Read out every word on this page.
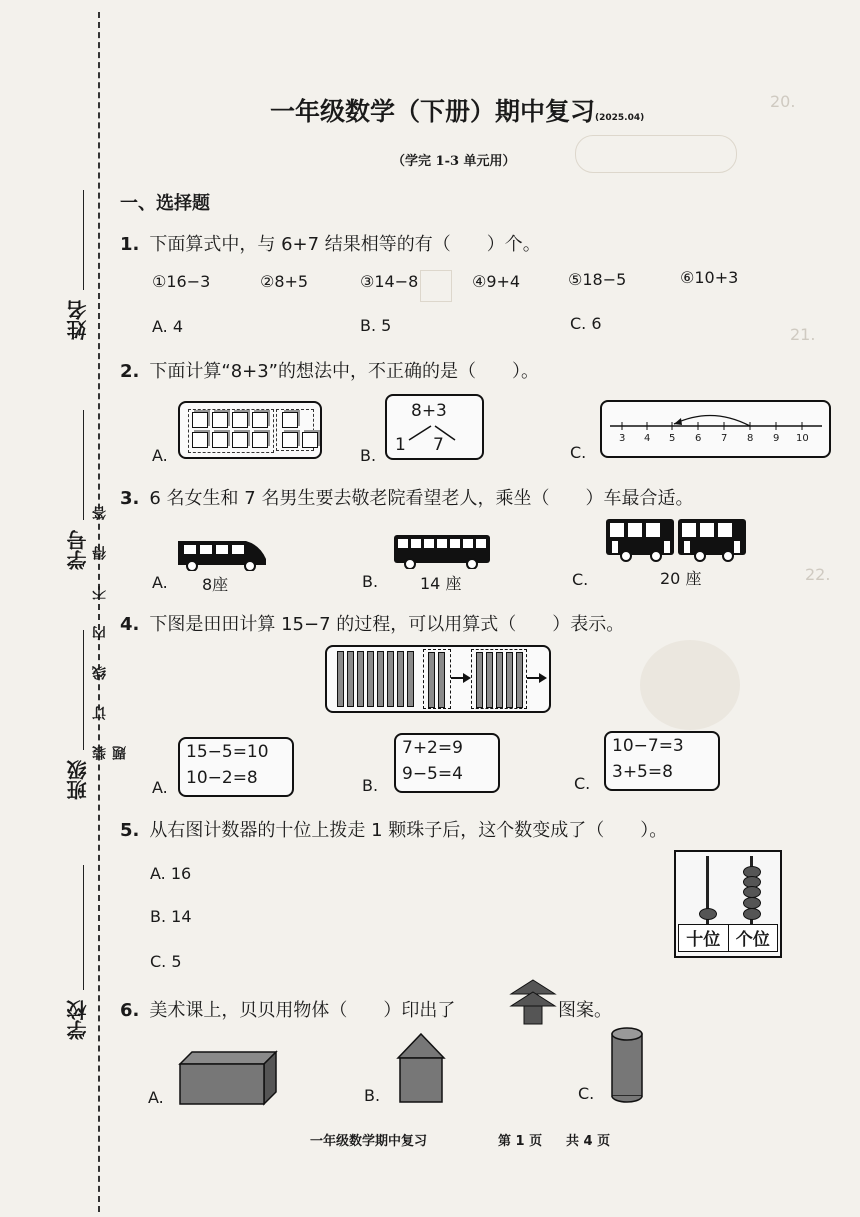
20.
21.
22.
姓名
学号
班级
学校
装订线内不得答题
一年级数学（下册）期中复习(2025.04)
（学完 1-3 单元用）
一、选择题
1. 下面算式中，与 6+7 结果相等的有（　　）个。
①16−3	②8+5	③14−8	④9+4	⑤18−5	⑥10+3
A. 4	B. 5	C. 6
2. 下面计算“8+3”的想法中，不正确的是（　　）。
A.	B.
8+3
1	7	C.
3 4 5 6 7 8 9 10
3. 6 名女生和 7 名男生要去敬老院看望老人，乘坐（　　）车最合适。
A. 8座	B.	14 座	C.	20 座
4. 下图是田田计算 15−7 的过程，可以用算式（　　）表示。
A.
15−5=10
10−2=8	B.
7+2=9
9−5=4	C.
10−7=3
3+5=8
5. 从右图计数器的十位上拨走 1 颗珠子后，这个数变成了（　　）。
A. 16
B. 14
C. 5
十位 个位
6. 美术课上，贝贝用物体（　　）印出了	图案。
A.	B.	C.
一年级数学期中复习	第 1 页 共 4 页
